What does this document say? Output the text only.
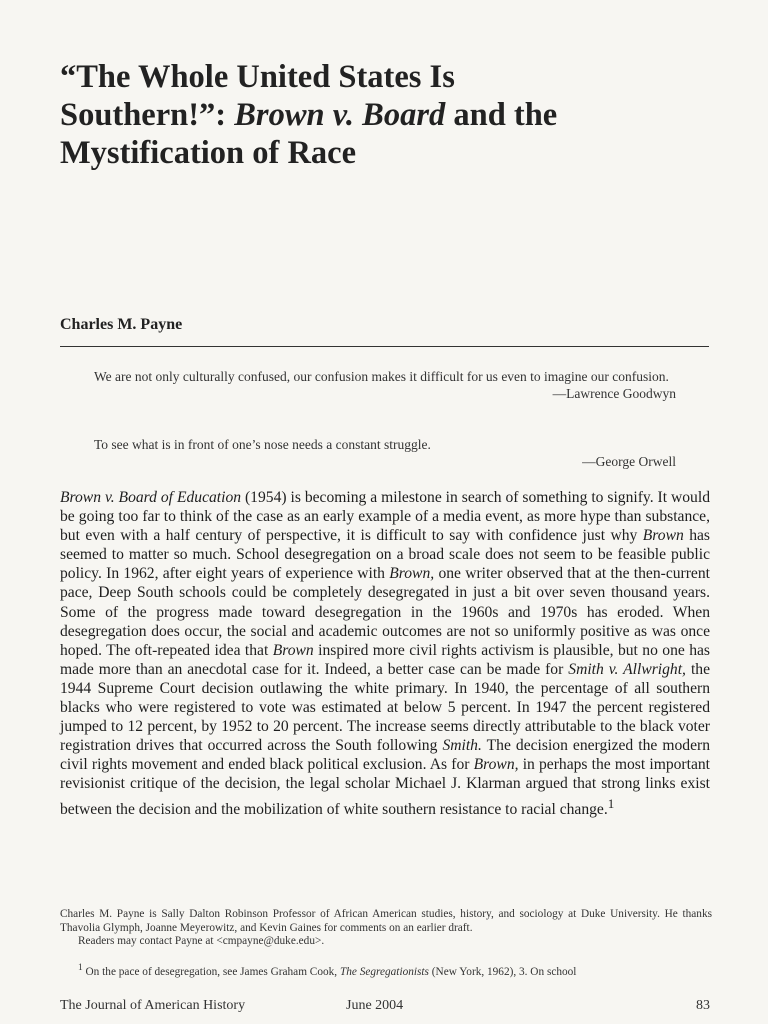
“The Whole United States Is
Southern!”: Brown v. Board and the
Mystification of Race
Charles M. Payne
We are not only culturally confused, our confusion makes it difficult for us even to imagine our confusion.
—Lawrence Goodwyn
To see what is in front of one’s nose needs a constant struggle.
—George Orwell

Brown v. Board of Education (1954) is becoming a milestone in search of something to signify. It would be going too far to think of the case as an early example of a media event, as more hype than substance, but even with a half century of perspective, it is difficult to say with confidence just why Brown has seemed to matter so much. School desegregation on a broad scale does not seem to be feasible public policy. In 1962, after eight years of experience with Brown, one writer observed that at the then-current pace, Deep South schools could be completely desegregated in just a bit over seven thousand years. Some of the progress made toward desegregation in the 1960s and 1970s has eroded. When desegregation does occur, the social and academic outcomes are not so uniformly positive as was once hoped. The oft-repeated idea that Brown inspired more civil rights activism is plausible, but no one has made more than an anecdotal case for it. Indeed, a better case can be made for Smith v. Allwright, the 1944 Supreme Court decision outlawing the white primary. In 1940, the percentage of all southern blacks who were registered to vote was estimated at below 5 percent. In 1947 the percent registered jumped to 12 percent, by 1952 to 20 percent. The increase seems directly attributable to the black voter registration drives that occurred across the South following Smith. The decision energized the modern civil rights movement and ended black political exclusion. As for Brown, in perhaps the most important revisionist critique of the decision, the legal scholar Michael J. Klarman argued that strong links exist between the decision and the mobilization of white southern resistance to racial change.$^1$

Charles M. Payne is Sally Dalton Robinson Professor of African American studies, history, and sociology at Duke University. He thanks Thavolia Glymph, Joanne Meyerowitz, and Kevin Gaines for comments on an earlier draft.
Readers may contact Payne at <cmpayne@duke.edu>.
$^1$ On the pace of desegregation, see James Graham Cook, The Segregationists (New York, 1962), 3. On school
The Journal of American History	June 2004	83
